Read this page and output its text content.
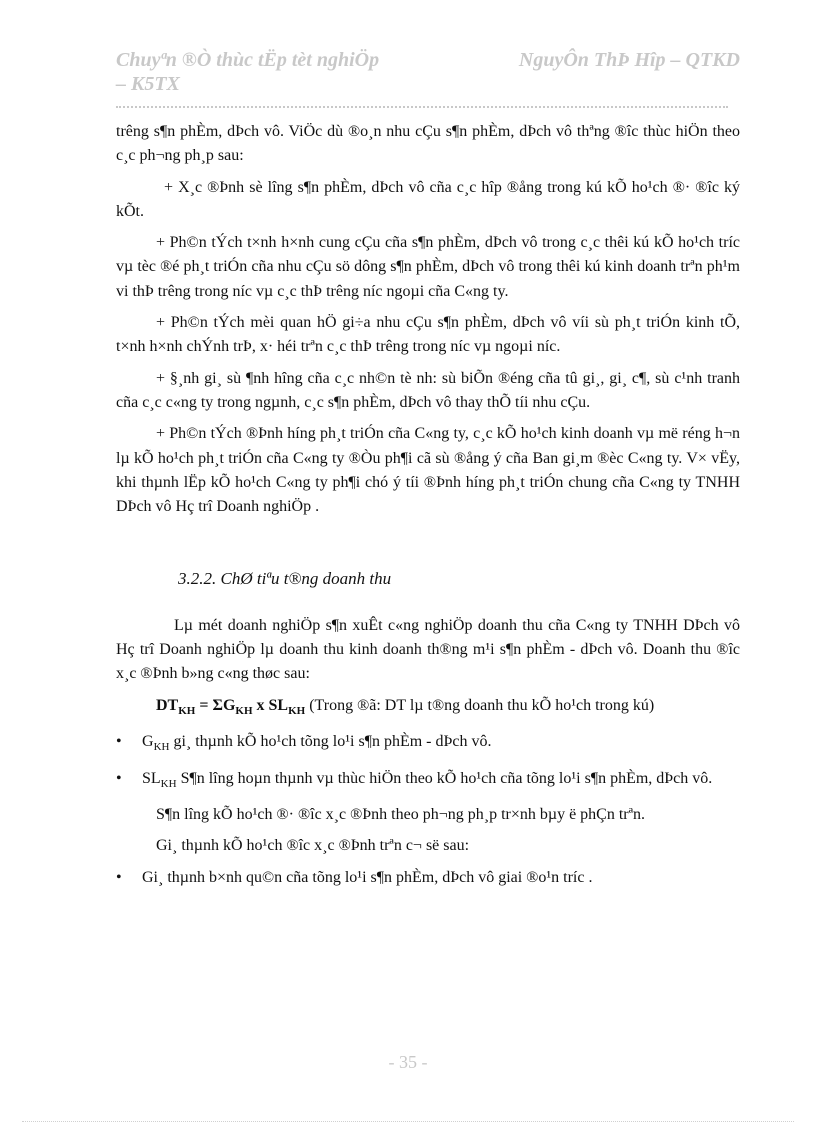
Chuyªn ®Ò thùc tËp tèt nghiÖp	NguyÔn ThÞ Hîp – QTKD
– K5TX

trêng s¶n phÈm, dÞch vô. ViÖc dù ®o¸n nhu cÇu s¶n phÈm, dÞch vô thªng ®îc thùc hiÖn theo c¸c ph¬ng ph¸p sau:

+ X¸c ®Þnh sè lîng s¶n phÈm, dÞch vô cña c¸c hîp ®ång trong kú kÕ ho¹ch ®· ®îc ký kÕt.

+ Ph©n tÝch t×nh h×nh cung cÇu cña s¶n phÈm, dÞch vô trong c¸c thêi kú kÕ ho¹ch tríc vµ tèc ®é ph¸t triÓn cña nhu cÇu sö dông s¶n phÈm, dÞch vô trong thêi kú kinh doanh trªn ph¹m vi thÞ trêng trong níc vµ c¸c thÞ trêng níc ngoµi cña C«ng ty.

+ Ph©n tÝch mèi quan hÖ gi÷a nhu cÇu s¶n phÈm, dÞch vô víi sù ph¸t triÓn kinh tÕ, t×nh h×nh chÝnh trÞ, x· héi trªn c¸c thÞ trêng trong níc vµ ngoµi níc.

+ §¸nh gi¸ sù ¶nh hîng cña c¸c nh©n tè nh: sù biÕn ®éng cña tû gi¸, gi¸ c¶, sù c¹nh tranh cña c¸c c«ng ty trong ngµnh, c¸c s¶n phÈm, dÞch vô thay thÕ tíi nhu cÇu.

+ Ph©n tÝch ®Þnh híng ph¸t triÓn cña C«ng ty, c¸c kÕ ho¹ch kinh doanh vµ më réng h¬n lµ kÕ ho¹ch ph¸t triÓn cña C«ng ty ®Òu ph¶i cã sù ®ång ý cña Ban gi¸m ®èc C«ng ty. V× vËy, khi thµnh lËp kÕ ho¹ch C«ng ty ph¶i chó ý tíi ®Þnh híng ph¸t triÓn chung cña C«ng ty TNHH DÞch vô Hç trî Doanh nghiÖp .

3.2.2. ChØ tiªu t®ng doanh thu

Lµ mét doanh nghiÖp s¶n xuÊt c«ng nghiÖp doanh thu cña C«ng ty TNHH DÞch vô Hç trî Doanh nghiÖp lµ doanh thu kinh doanh th®ng m¹i s¶n phÈm - dÞch vô. Doanh thu ®îc x¸c ®Þnh b»ng c«ng thøc sau:

$DT_{KH} = \Sigma G_{KH}$ x $SL_{KH}$ (Trong ®ã: DT lµ t®ng doanh thu kÕ ho¹ch trong kú)

• $G_{KH}$ gi¸ thµnh kÕ ho¹ch tõng lo¹i s¶n phÈm - dÞch vô.

• $SL_{KH}$ S¶n lîng hoµn thµnh vµ thùc hiÖn theo kÕ ho¹ch cña tõng lo¹i s¶n phÈm, dÞch vô.

S¶n lîng kÕ ho¹ch ®· ®îc x¸c ®Þnh theo ph¬ng ph¸p tr×nh bµy ë phÇn trªn.

Gi¸ thµnh kÕ ho¹ch ®îc x¸c ®Þnh trªn c¬ së sau:

• Gi¸ thµnh b×nh qu©n cña tõng lo¹i s¶n phÈm, dÞch vô giai ®o¹n tríc .

- 35 -
